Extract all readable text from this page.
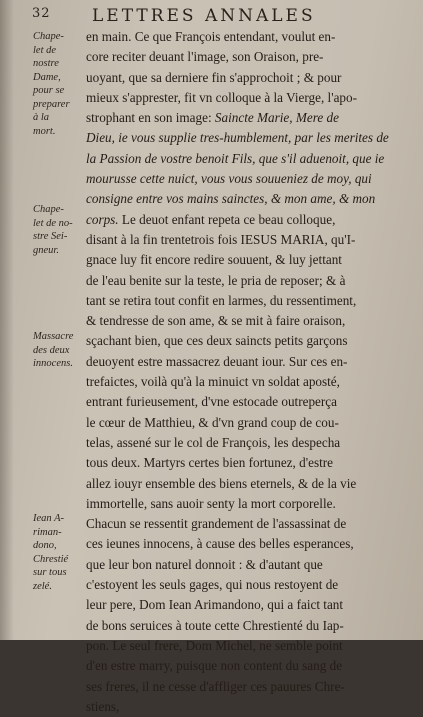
32 LETTRES ANNALES
Chape-
let de
nostre
Dame,
pour se
preparer
à la
mort.
Chape-
let de no-
stre Sei-
gneur.
Massacre
des deux
innocens.
Iean A-
riman-
dono,
Chrestié
sur tous
zelé.
en main. Ce que François entendant, voulut en-
core reciter deuant l'image, son Oraison, pre-
uoyant, que sa derniere fin s'approchoit ; & pour
mieux s'apprester, fit vn colloque à la Vierge, l'apo-
strophant en son image: Saincte Marie, Mere de
Dieu, ie vous supplie tres-humblement, par les merites de
la Passion de vostre benoit Fils, que s'il aduenoit, que ie
mourusse cette nuict, vous vous souueniez de moy, qui
consigne entre vos mains sainctes, & mon ame, & mon
corps. Le deuot enfant repeta ce beau colloque,
disant à la fin trentetrois fois IESUS MARIA, qu'I-
gnace luy fit encore redire souuent, & luy jettant
de l'eau benite sur la teste, le pria de reposer; & à
tant se retira tout confit en larmes, du ressentiment,
& tendresse de son ame, & se mit à faire oraison,
sçachant bien, que ces deux saincts petits garçons
deuoyent estre massacrez deuant iour. Sur ces en-
trefaictes, voilà qu'à la minuict vn soldat aposté,
entrant furieusement, d'vne estocade outreperça
le cœur de Matthieu, & d'vn grand coup de cou-
telas, assené sur le col de François, les despecha
tous deux. Martyrs certes bien fortunez, d'estre
allez iouyr ensemble des biens eternels, & de la vie
immortelle, sans auoir senty la mort corporelle.
Chacun se ressentit grandement de l'assassinat de
ces ieunes innocens, à cause des belles esperances,
que leur bon naturel donnoit : & d'autant que
c'estoyent les seuls gages, qui nous restoyent de
leur pere, Dom Iean Arimandono, qui a faict tant
de bons seruices à toute cette Chrestienté du Iap-
pon. Le seul frere, Dom Michel, ne semble point
d'en estre marry, puisque non content du sang de
ses freres, il ne cesse d'affliger ces pauures Chre-
stiens,
